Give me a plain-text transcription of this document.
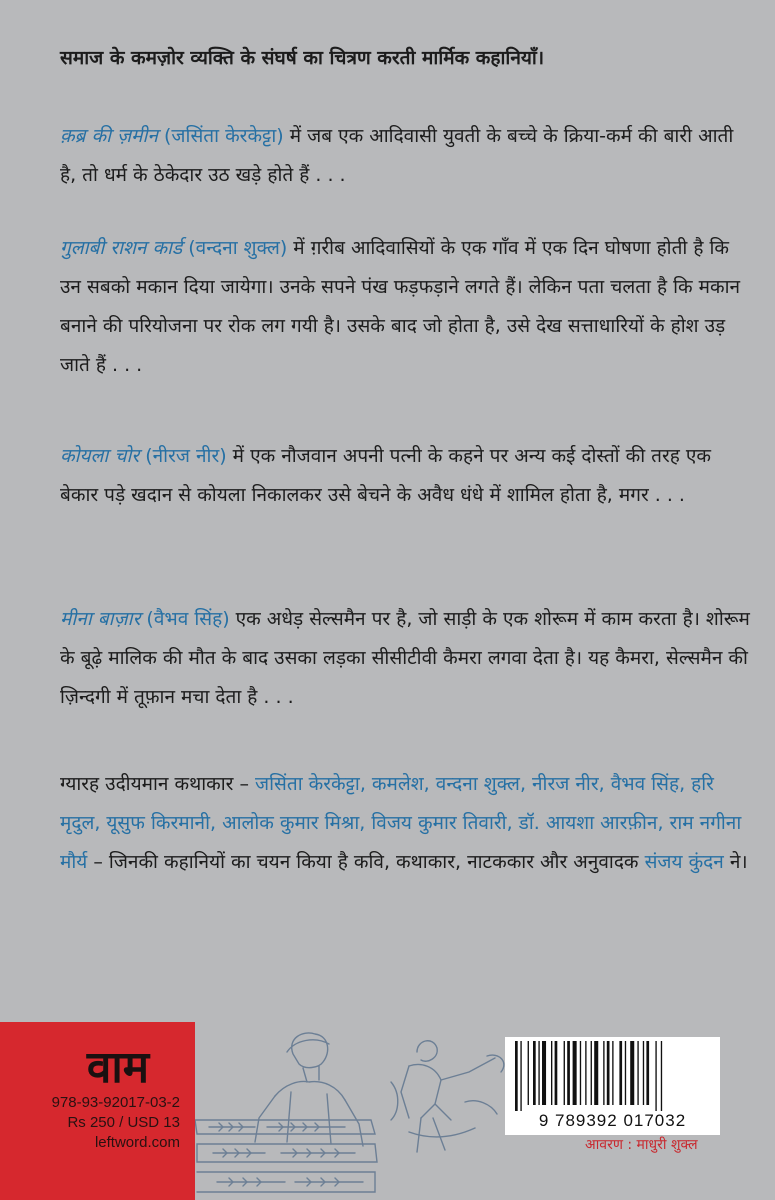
समाज के कमज़ोर व्यक्ति के संघर्ष का चित्रण करती मार्मिक कहानियाँ।

क़ब्र की ज़मीन (जसिंता केरकेट्टा) में जब एक आदिवासी युवती के बच्चे के क्रिया-कर्म की बारी आती है, तो धर्म के ठेकेदार उठ खड़े होते हैं . . .

गुलाबी राशन कार्ड (वन्दना शुक्ल) में ग़रीब आदिवासियों के एक गाँव में एक दिन घोषणा होती है कि उन सबको मकान दिया जायेगा। उनके सपने पंख फड़फड़ाने लगते हैं। लेकिन पता चलता है कि मकान बनाने की परियोजना पर रोक लग गयी है। उसके बाद जो होता है, उसे देख सत्ताधारियों के होश उड़ जाते हैं . . .

कोयला चोर (नीरज नीर) में एक नौजवान अपनी पत्नी के कहने पर अन्य कई दोस्तों की तरह एक बेकार पड़े खदान से कोयला निकालकर उसे बेचने के अवैध धंधे में शामिल होता है, मगर . . .

मीना बाज़ार (वैभव सिंह) एक अधेड़ सेल्समैन पर है, जो साड़ी के एक शोरूम में काम करता है। शोरूम के बूढ़े मालिक की मौत के बाद उसका लड़का सीसीटीवी कैमरा लगवा देता है। यह कैमरा, सेल्समैन की ज़िन्दगी में तूफ़ान मचा देता है . . .

ग्यारह उदीयमान कथाकार – जसिंता केरकेट्टा, कमलेश, वन्दना शुक्ल, नीरज नीर, वैभव सिंह, हरि मृदुल, यूसुफ किरमानी, आलोक कुमार मिश्रा, विजय कुमार तिवारी, डॉ. आयशा आरफ़ीन, राम नगीना मौर्य – जिनकी कहानियों का चयन किया है कवि, कथाकार, नाटककार और अनुवादक संजय कुंदन ने।

वाम
978-93-92017-03-2
Rs 250 / USD 13
leftword.com
9 789392 017032
आवरण : माधुरी शुक्ल
